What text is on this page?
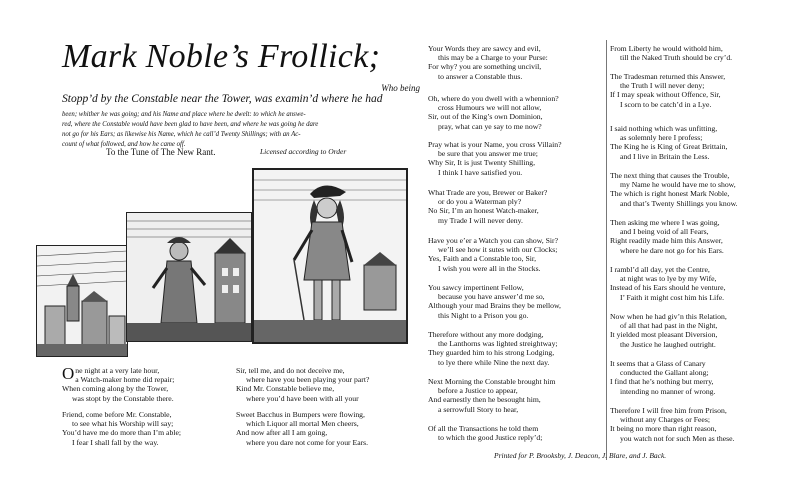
Mark Noble’s Frollick;
Who being
Stopp’d by the Constable near the Tower, was examin’d where he had
been; whither he was going; and his Name and place where he dwelt: to which he answe-
red, where the Constable would have been glad to have been, and where he was going he dare
not go for his Ears; as likewise his Name, which he call’d Twenty Shillings; with an Ac-
count of what followed, and how he came off.
To the Tune of The New Rant.	Licensed according to Order
One night at a very late hour,
a Watch-maker home did repair;
When coming along by the Tower,
was stopt by the Constable there.
Friend, come before Mr. Constable,
to see what his Worship will say;
You’d have me do more than I’m able;
I fear I shall fall by the way.
Sir, tell me, and do not deceive me,
where have you been playing your part?
Kind Mr. Constable believe me,
where you’d have been with all your
Sweet Bacchus in Bumpers were flowing,
which Liquor all mortal Men cheers,
And now after all I am going,
where you dare not come for your Ears.
Your Words they are sawcy and evil,
this may be a Charge to your Purse:
For why? you are something uncivil,
to answer a Constable thus.
Oh, where do you dwell with a whennion?
cross Humours we will not allow,
Sir, out of the King’s own Dominion,
pray, what can ye say to me now?
Pray what is your Name, you cross Villain?
be sure that you answer me true;
Why Sir, It is just Twenty Shilling,
I think I have satisfied you.
What Trade are you, Brewer or Baker?
or do you a Waterman ply?
No Sir, I’m an honest Watch-maker,
my Trade I will never deny.
Have you e’er a Watch you can show, Sir?
we’ll see how it sutes with our Clocks;
Yes, Faith and a Constable too, Sir,
I wish you were all in the Stocks.
You sawcy impertinent Fellow,
because you have answer’d me so,
Although your mad Brains they be mellow,
this Night to a Prison you go.
Therefore without any more dodging,
the Lanthorns was lighted streightway;
They guarded him to his strong Lodging,
to lye there while Nine the next day.
Next Morning the Constable brought him
before a Justice to appear,
And earnestly then he besought him,
a serrowfull Story to hear,
Of all the Transactions he told them
to which the good Justice reply’d;
From Liberty he would withold him,
till the Naked Truth should be cry’d.
The Tradesman returned this Answer,
the Truth I will never deny;
If I may speak without Offence, Sir,
I scorn to be catch’d in a Lye.
I said nothing which was unfitting,
as solemnly here I profess;
The King he is King of Great Brittain,
and I live in Britain the Less.
The next thing that causes the Trouble,
my Name he would have me to show,
The which is right honest Mark Noble,
and that’s Twenty Shillings you know.
Then asking me where I was going,
and I being void of all Fears,
Right readily made him this Answer,
where he dare not go for his Ears.
I rambl’d all day, yet the Centre,
at night was to lye by my Wife,
Instead of his Ears should he venture,
I’ Faith it might cost him his Life.
Now when he had giv’n this Relation,
of all that had past in the Night,
It yielded most pleasant Diversion,
the Justice he laughed outright.
It seems that a Glass of Canary
conducted the Gallant along;
I find that he’s nothing but merry,
intending no manner of wrong.
Therefore I will free him from Prison,
without any Charges or Fees;
It being no more than right reason,
you watch not for such Men as these.
Printed for P. Brooksby, J. Deacon, J. Blare, and J. Back.
